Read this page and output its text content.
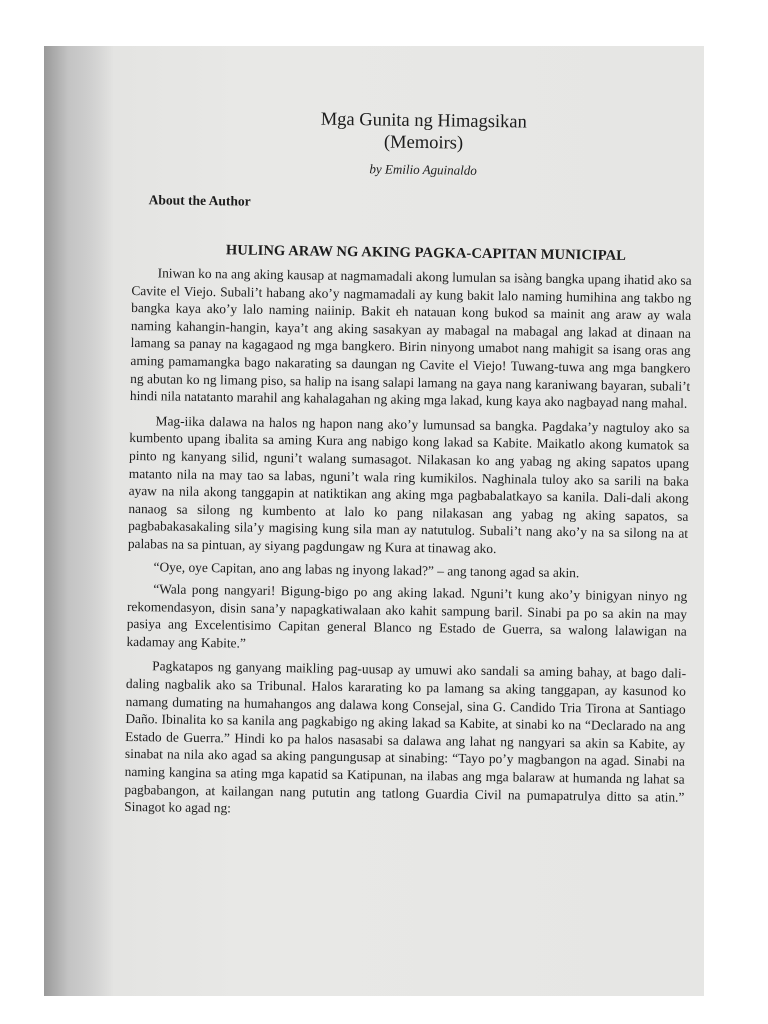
Mga Gunita ng Himagsikan
(Memoirs)

by Emilio Aguinaldo

About the Author
HULING ARAW NG AKING PAGKA-CAPITAN MUNICIPAL

Iniwan ko na ang aking kausap at nagmamadali akong lumulan sa isàng bangka upang ihatid ako sa Cavite el Viejo. Subali’t habang ako’y nagmamadali ay kung bakit lalo naming humihina ang takbo ng bangka kaya ako’y lalo naming naiinip. Bakit eh natauan kong bukod sa mainit ang araw ay wala naming kahangin-hangin, kaya’t ang aking sasakyan ay mabagal na mabagal ang lakad at dinaan na lamang sa panay na kagagaod ng mga bangkero. Birin ninyong umabot nang mahigit sa isang oras ang aming pamamangka bago nakarating sa daungan ng Cavite el Viejo! Tuwang-tuwa ang mga bangkero ng abutan ko ng limang piso, sa halip na isang salapi lamang na gaya nang karaniwang bayaran, subali’t hindi nila natatanto marahil ang kahalagahan ng aking mga lakad, kung kaya ako nagbayad nang mahal.

Mag-iika dalawa na halos ng hapon nang ako’y lumunsad sa bangka. Pagdaka’y nagtuloy ako sa kumbento upang ibalita sa aming Kura ang nabigo kong lakad sa Kabite. Maikatlo akong kumatok sa pinto ng kanyang silid, nguni’t walang sumasagot. Nilakasan ko ang yabag ng aking sapatos upang matanto nila na may tao sa labas, nguni’t wala ring kumikilos. Naghinala tuloy ako sa sarili na baka ayaw na nila akong tanggapin at natiktikan ang aking mga pagbabalatkayo sa kanila. Dali-dali akong nanaog sa silong ng kumbento at lalo ko pang nilakasan ang yabag ng aking sapatos, sa pagbabakasakaling sila’y magising kung sila man ay natutulog. Subali’t nang ako’y na sa silong na at palabas na sa pintuan, ay siyang pagdungaw ng Kura at tinawag ako.

“Oye, oye Capitan, ano ang labas ng inyong lakad?” – ang tanong agad sa akin.

“Wala pong nangyari! Bigung-bigo po ang aking lakad. Nguni’t kung ako’y binigyan ninyo ng rekomendasyon, disin sana’y napagkatiwalaan ako kahit sampung baril. Sinabi pa po sa akin na may pasiya ang Excelentisimo Capitan general Blanco ng Estado de Guerra, sa walong lalawigan na kadamay ang Kabite.”

Pagkatapos ng ganyang maikling pag-uusap ay umuwi ako sandali sa aming bahay, at bago dali-daling nagbalik ako sa Tribunal. Halos kararating ko pa lamang sa aking tanggapan, ay kasunod ko namang dumating na humahangos ang dalawa kong Consejal, sina G. Candido Tria Tirona at Santiago Daño. Ibinalita ko sa kanila ang pagkabigo ng aking lakad sa Kabite, at sinabi ko na “Declarado na ang Estado de Guerra.” Hindi ko pa halos nasasabi sa dalawa ang lahat ng nangyari sa akin sa Kabite, ay sinabat na nila ako agad sa aking pangungusap at sinabing: “Tayo po’y magbangon na agad. Sinabi na naming kangina sa ating mga kapatid sa Katipunan, na ilabas ang mga balaraw at humanda ng lahat sa pagbabangon, at kailangan nang pututin ang tatlong Guardia Civil na pumapatrulya ditto sa atin.” Sinagot ko agad ng:
